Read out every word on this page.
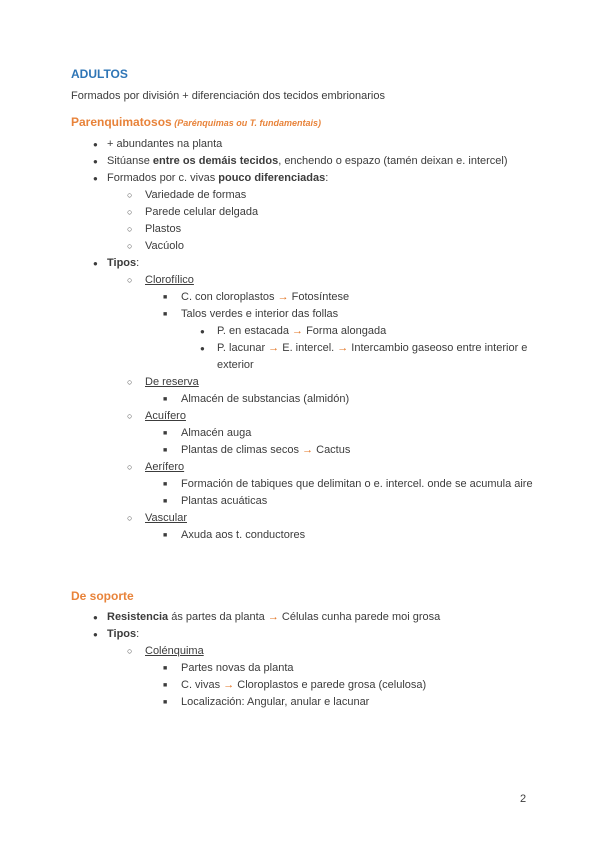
ADULTOS
Formados por división + diferenciación dos tecidos embrionarios
Parenquimatosos (Parénquimas ou T. fundamentais)
● + abundantes na planta
● Sitúanse entre os demáis tecidos, enchendo o espazo (tamén deixan e. intercel)
● Formados por c. vivas pouco diferenciadas:
○ Variedade de formas
○ Parede celular delgada
○ Plastos
○ Vacúolo
● Tipos:
○ Clorofílico
■ C. con cloroplastos → Fotosíntese
■ Talos verdes e interior das follas
● P. en estacada → Forma alongada
● P. lacunar → E. intercel. → Intercambio gaseoso entre interior e exterior
○ De reserva
■ Almacén de substancias (almidón)
○ Acuífero
■ Almacén auga
■ Plantas de climas secos → Cactus
○ Aerífero
■ Formación de tabiques que delimitan o e. intercel. onde se acumula aire
■ Plantas acuáticas
○ Vascular
■ Axuda aos t. conductores
De soporte
● Resistencia ás partes da planta → Células cunha parede moi grosa
● Tipos:
○ Colénquima
■ Partes novas da planta
■ C. vivas → Cloroplastos e parede grosa (celulosa)
■ Localización: Angular, anular e lacunar
2
